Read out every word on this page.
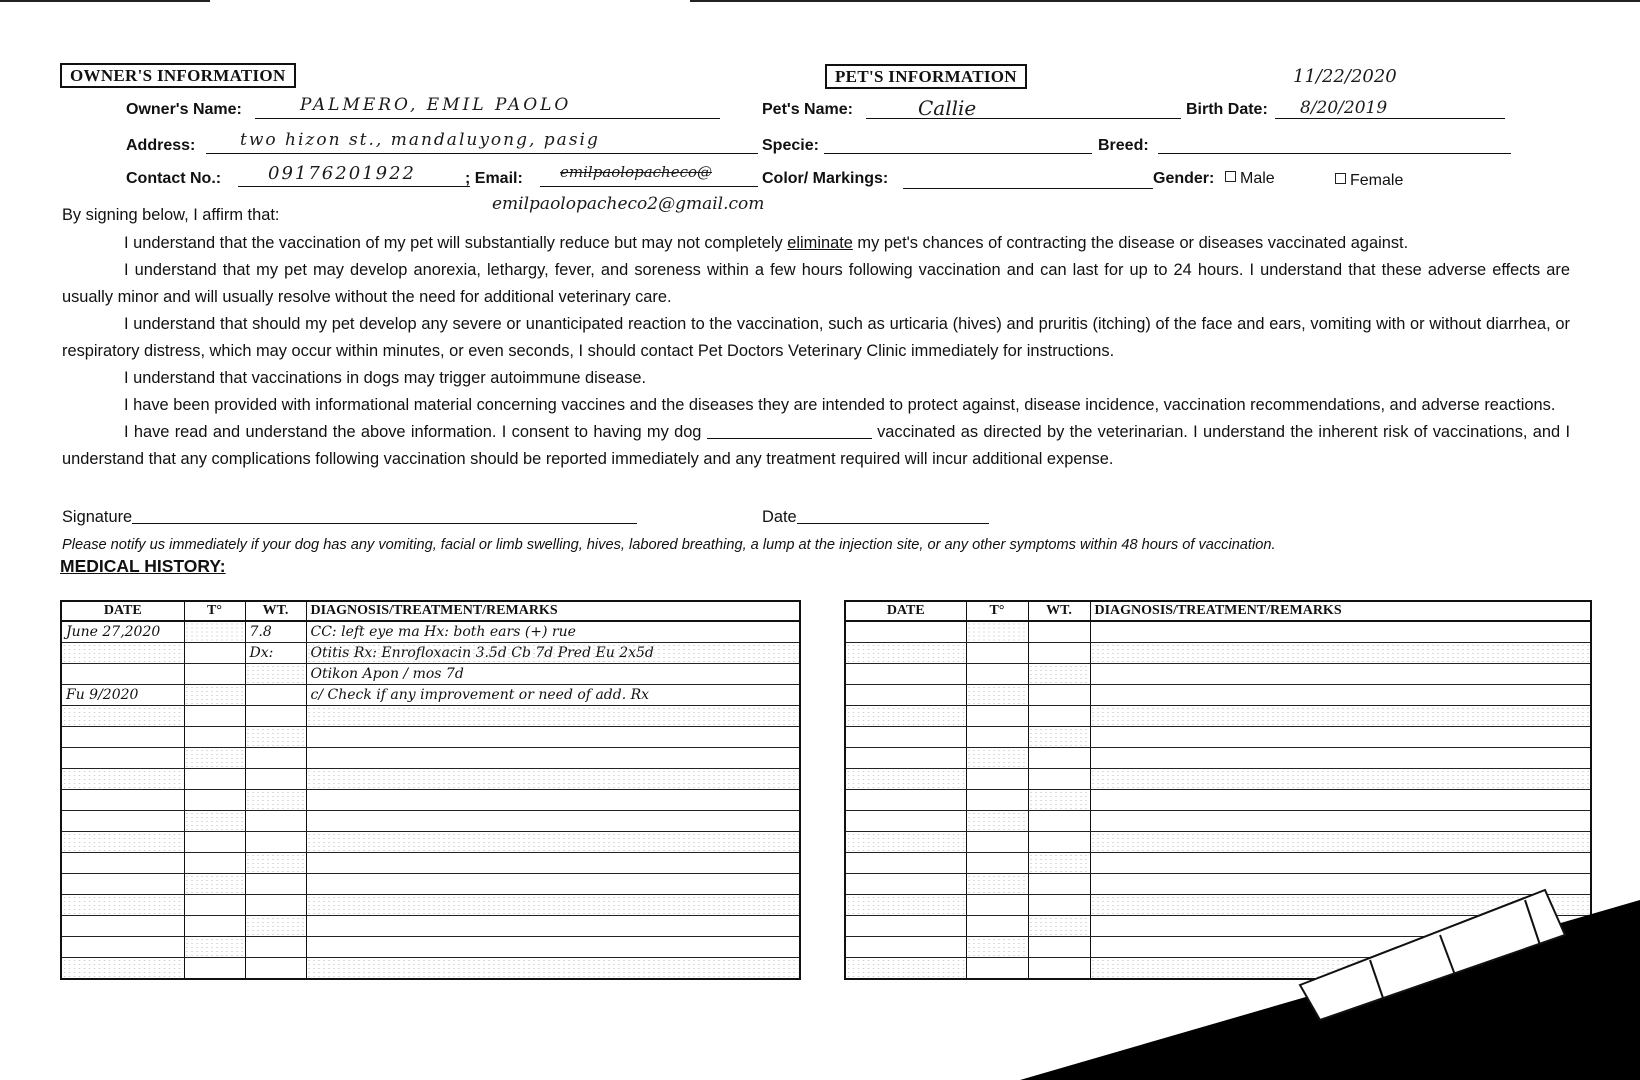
OWNER'S INFORMATION
Owner's Name:	PALMERO, EMIL PAOLO
Address:	two hizon st., mandaluyong, pasig
Contact No.:	09176201922	; Email: emilpaolopacheco@
emilpaolopacheco2@gmail.com
PET'S INFORMATION	11/22/2020
Pet's Name:	Callie	Birth Date: 8/20/2019
Specie:	Breed:
Color/ Markings:	Gender:	Male	Female
By signing below, I affirm that:

I understand that the vaccination of my pet will substantially reduce but may not completely eliminate my pet's chances of contracting the disease or diseases vaccinated against.

I understand that my pet may develop anorexia, lethargy, fever, and soreness within a few hours following vaccination and can last for up to 24 hours. I understand that these adverse effects are usually minor and will usually resolve without the need for additional veterinary care.

I understand that should my pet develop any severe or unanticipated reaction to the vaccination, such as urticaria (hives) and pruritis (itching) of the face and ears, vomiting with or without diarrhea, or respiratory distress, which may occur within minutes, or even seconds, I should contact Pet Doctors Veterinary Clinic immediately for instructions.

I understand that vaccinations in dogs may trigger autoimmune disease.

I have been provided with informational material concerning vaccines and the diseases they are intended to protect against, disease incidence, vaccination recommendations, and adverse reactions.

I have read and understand the above information. I consent to having my dog	vaccinated as directed by the veterinarian. I understand the inherent risk of vaccinations, and I understand that any complications following vaccination should be reported immediately and any treatment required will incur additional expense.

Signature	Date
Please notify us immediately if your dog has any vomiting, facial or limb swelling, hives, labored breathing, a lump at the injection site, or any other symptoms within 48 hours of vaccination.
MEDICAL HISTORY:
DATE	T°	WT.	DIAGNOSIS/TREATMENT/REMARKS
June 27,2020		7.8	CC: left eye ma Hx: both ears (+) rue
		Dx:	Otitis Rx: Enrofloxacin 3.5d Cb 7d Pred Eu 2x5d
			Otikon Apon / mos 7d
Fu 9/2020			c/ Check if any improvement or need of add. Rx

DATE	T°	WT.	DIAGNOSIS/TREATMENT/REMARKS
